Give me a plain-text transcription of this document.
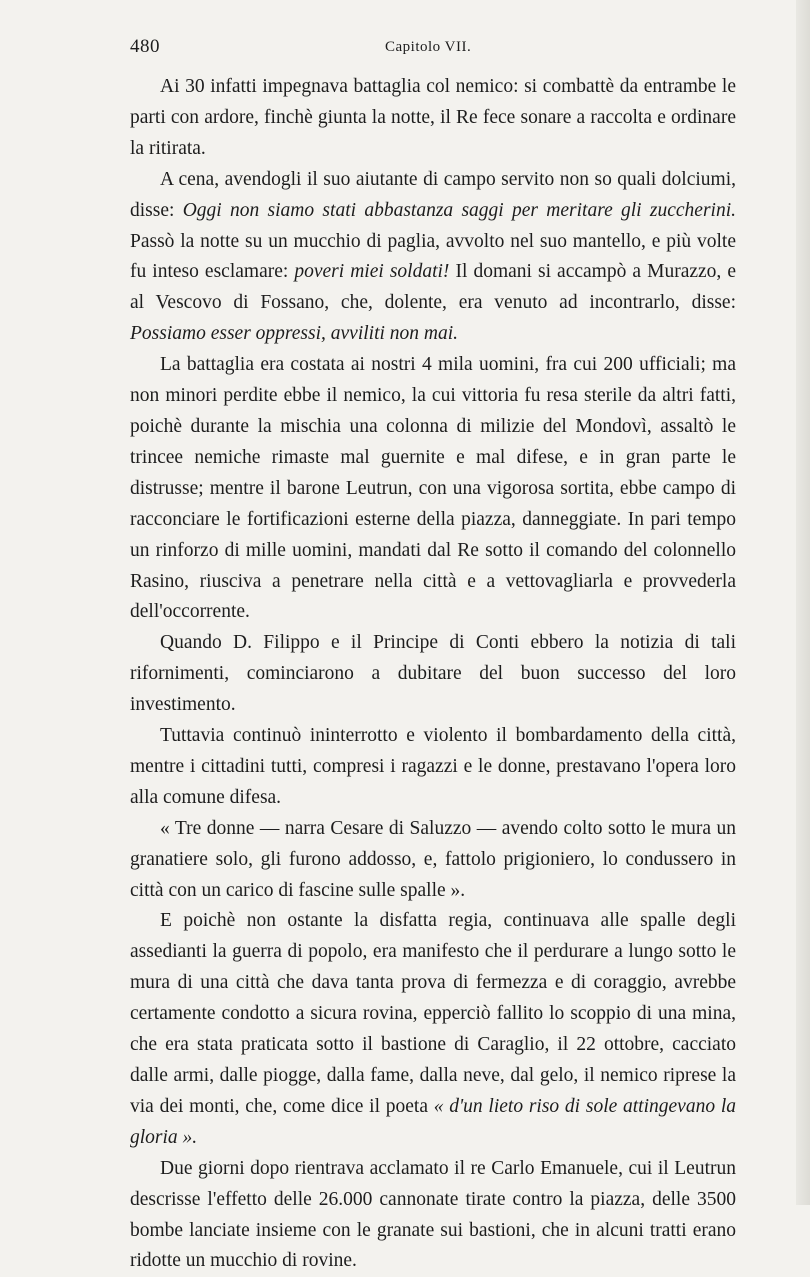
480	Capitolo VII.

Ai 30 infatti impegnava battaglia col nemico: si combattè da entrambe le parti con ardore, finchè giunta la notte, il Re fece sonare a raccolta e ordinare la ritirata.

A cena, avendogli il suo aiutante di campo servito non so quali dolciumi, disse: Oggi non siamo stati abbastanza saggi per meritare gli zuccherini. Passò la notte su un mucchio di paglia, avvolto nel suo mantello, e più volte fu inteso esclamare: poveri miei soldati! Il domani si accampò a Murazzo, e al Vescovo di Fossano, che, dolente, era venuto ad incontrarlo, disse: Possiamo esser oppressi, avviliti non mai.

La battaglia era costata ai nostri 4 mila uomini, fra cui 200 ufficiali; ma non minori perdite ebbe il nemico, la cui vittoria fu resa sterile da altri fatti, poichè durante la mischia una colonna di milizie del Mondovì, assaltò le trincee nemiche rimaste mal guernite e mal difese, e in gran parte le distrusse; mentre il barone Leutrun, con una vigorosa sortita, ebbe campo di racconciare le fortificazioni esterne della piazza, danneggiate. In pari tempo un rinforzo di mille uomini, mandati dal Re sotto il comando del colonnello Rasino, riusciva a penetrare nella città e a vettovagliarla e provvederla dell'occorrente.

Quando D. Filippo e il Principe di Conti ebbero la notizia di tali rifornimenti, cominciarono a dubitare del buon successo del loro investimento.

Tuttavia continuò ininterrotto e violento il bombardamento della città, mentre i cittadini tutti, compresi i ragazzi e le donne, prestavano l'opera loro alla comune difesa.

« Tre donne — narra Cesare di Saluzzo — avendo colto sotto le mura un granatiere solo, gli furono addosso, e, fattolo prigioniero, lo condussero in città con un carico di fascine sulle spalle ».

E poichè non ostante la disfatta regia, continuava alle spalle degli assedianti la guerra di popolo, era manifesto che il perdurare a lungo sotto le mura di una città che dava tanta prova di fermezza e di coraggio, avrebbe certamente condotto a sicura rovina, epperciò fallito lo scoppio di una mina, che era stata praticata sotto il bastione di Caraglio, il 22 ottobre, cacciato dalle armi, dalle piogge, dalla fame, dalla neve, dal gelo, il nemico riprese la via dei monti, che, come dice il poeta « d'un lieto riso di sole attingevano la gloria ».

Due giorni dopo rientrava acclamato il re Carlo Emanuele, cui il Leutrun descrisse l'effetto delle 26.000 cannonate tirate contro la piazza, delle 3500 bombe lanciate insieme con le granate sui bastioni, che in alcuni tratti erano ridotte un mucchio di rovine.
